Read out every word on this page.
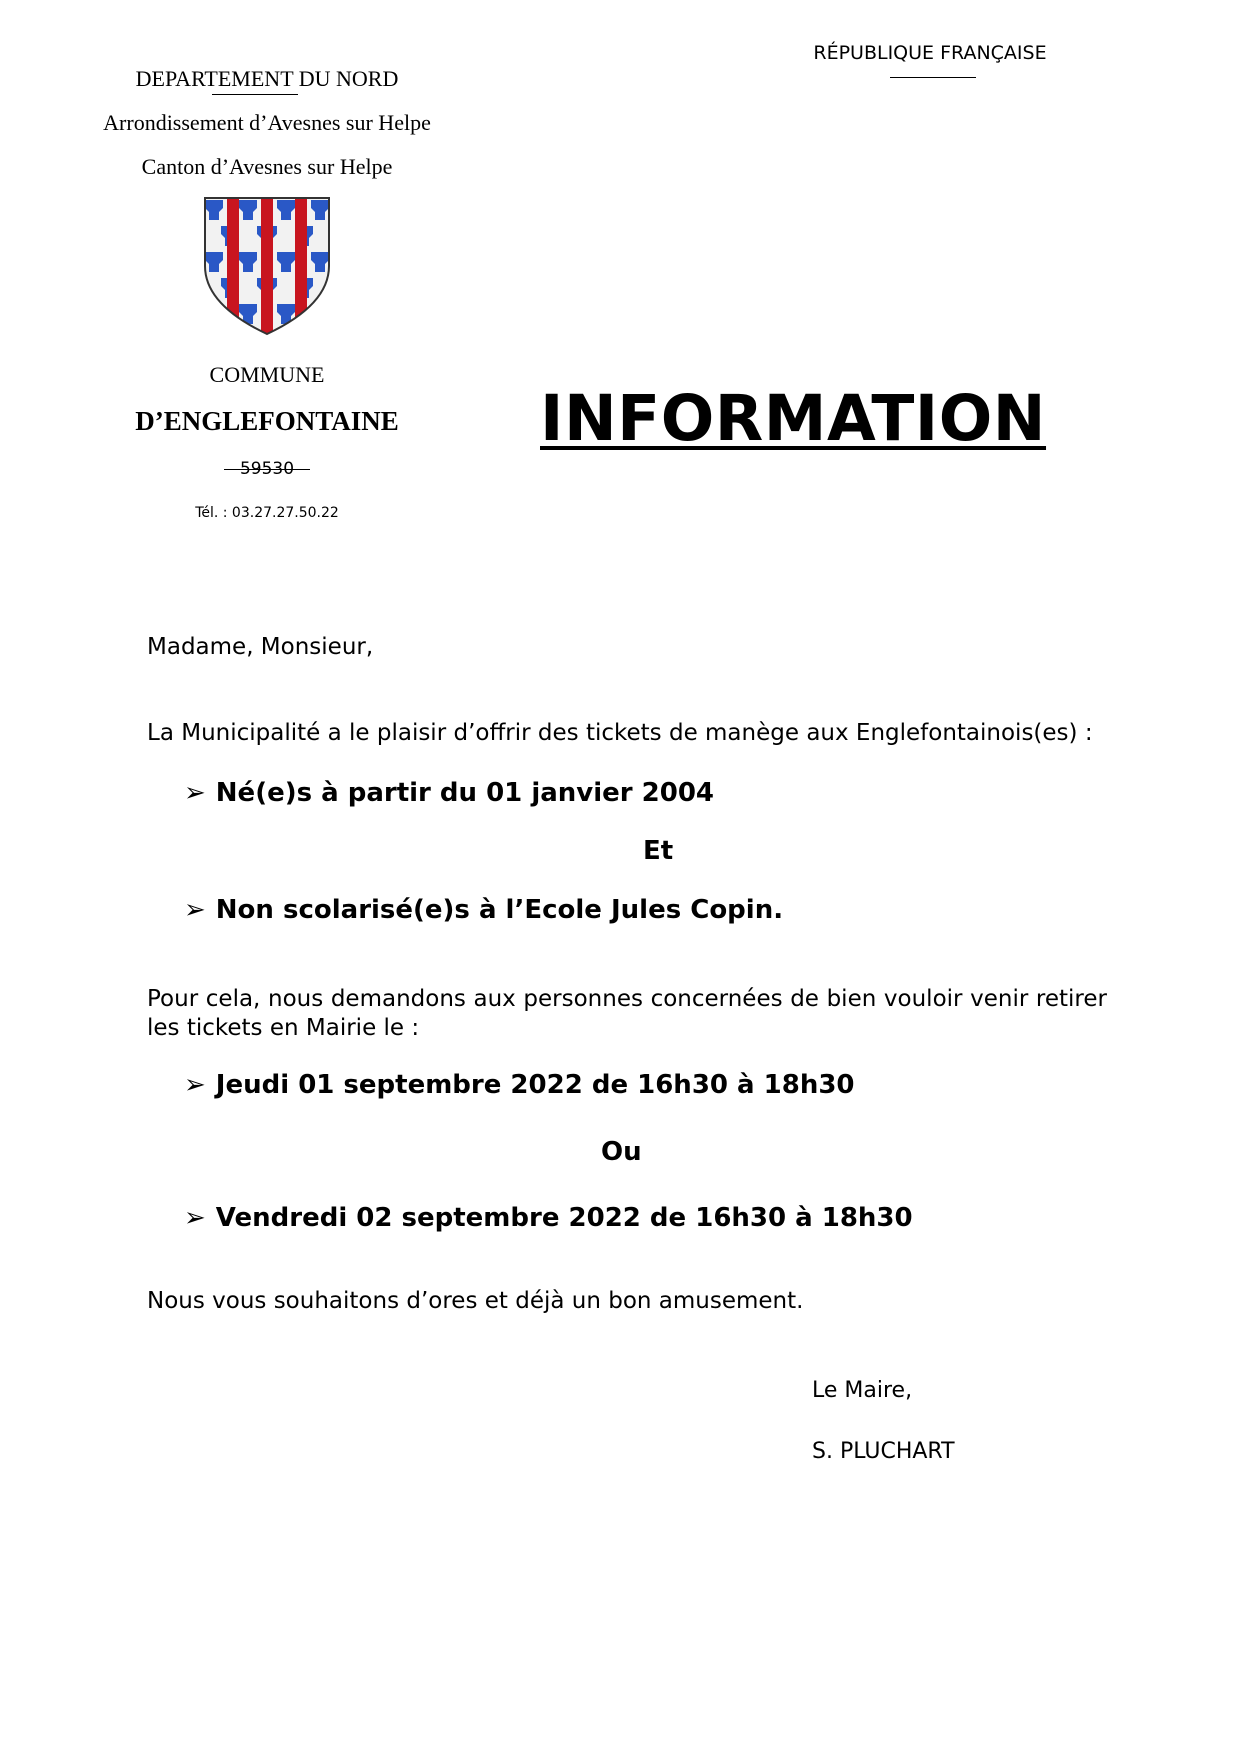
DEPARTEMENT DU NORD
Arrondissement d’Avesnes sur Helpe
Canton d’Avesnes sur Helpe
COMMUNE
D’ENGLEFONTAINE
59530
Tél. : 03.27.27.50.22
RÉPUBLIQUE FRANÇAISE
INFORMATION
Madame, Monsieur,
La Municipalité a le plaisir d’offrir des tickets de manège aux Englefontainois(es) :
➢ Né(e)s à partir du 01 janvier 2004
Et
➢ Non scolarisé(e)s à l’Ecole Jules Copin.
Pour cela, nous demandons aux personnes concernées de bien vouloir venir retirer les tickets en Mairie le :
➢ Jeudi 01 septembre 2022 de 16h30 à 18h30
Ou
➢ Vendredi 02 septembre 2022 de 16h30 à 18h30
Nous vous souhaitons d’ores et déjà un bon amusement.
Le Maire,
S. PLUCHART
